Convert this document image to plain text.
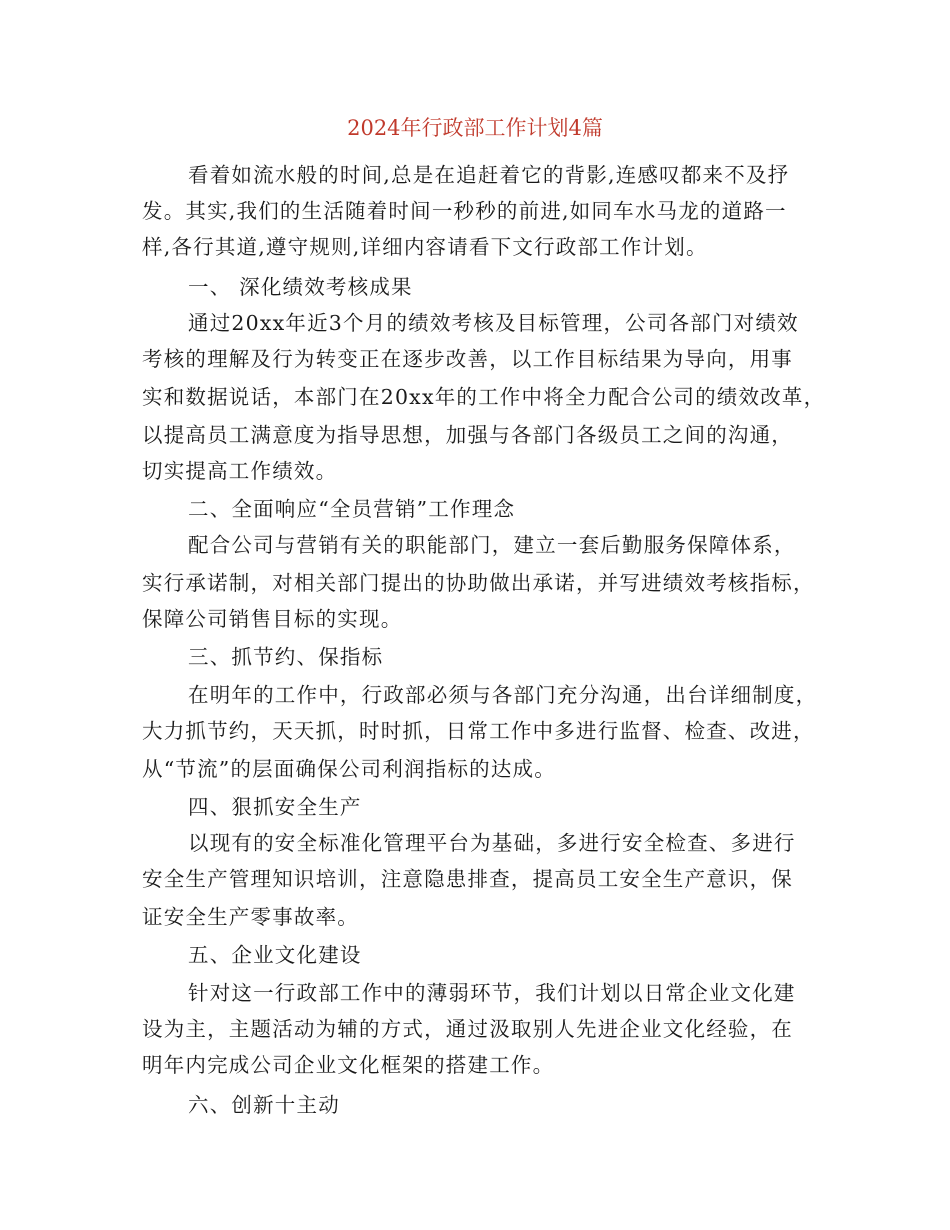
2024年行政部工作计划4篇
看着如流水般的时间,总是在追赶着它的背影,连感叹都来不及抒
发。其实,我们的生活随着时间一秒秒的前进,如同车水马龙的道路一
样,各行其道,遵守规则,详细内容请看下文行政部工作计划。
一、 深化绩效考核成果
通过20xx年近3个月的绩效考核及目标管理，公司各部门对绩效
考核的理解及行为转变正在逐步改善，以工作目标结果为导向，用事
实和数据说话，本部门在20xx年的工作中将全力配合公司的绩效改革，
以提高员工满意度为指导思想，加强与各部门各级员工之间的沟通，
切实提高工作绩效。
二、全面响应“全员营销”工作理念
配合公司与营销有关的职能部门，建立一套后勤服务保障体系，
实行承诺制，对相关部门提出的协助做出承诺，并写进绩效考核指标，
保障公司销售目标的实现。
三、抓节约、保指标
在明年的工作中，行政部必须与各部门充分沟通，出台详细制度，
大力抓节约，天天抓，时时抓，日常工作中多进行监督、检查、改进，
从“节流”的层面确保公司利润指标的达成。
四、狠抓安全生产
以现有的安全标准化管理平台为基础，多进行安全检查、多进行
安全生产管理知识培训，注意隐患排查，提高员工安全生产意识，保
证安全生产零事故率。
五、企业文化建设
针对这一行政部工作中的薄弱环节，我们计划以日常企业文化建
设为主，主题活动为辅的方式，通过汲取别人先进企业文化经验，在
明年内完成公司企业文化框架的搭建工作。
六、创新十主动
